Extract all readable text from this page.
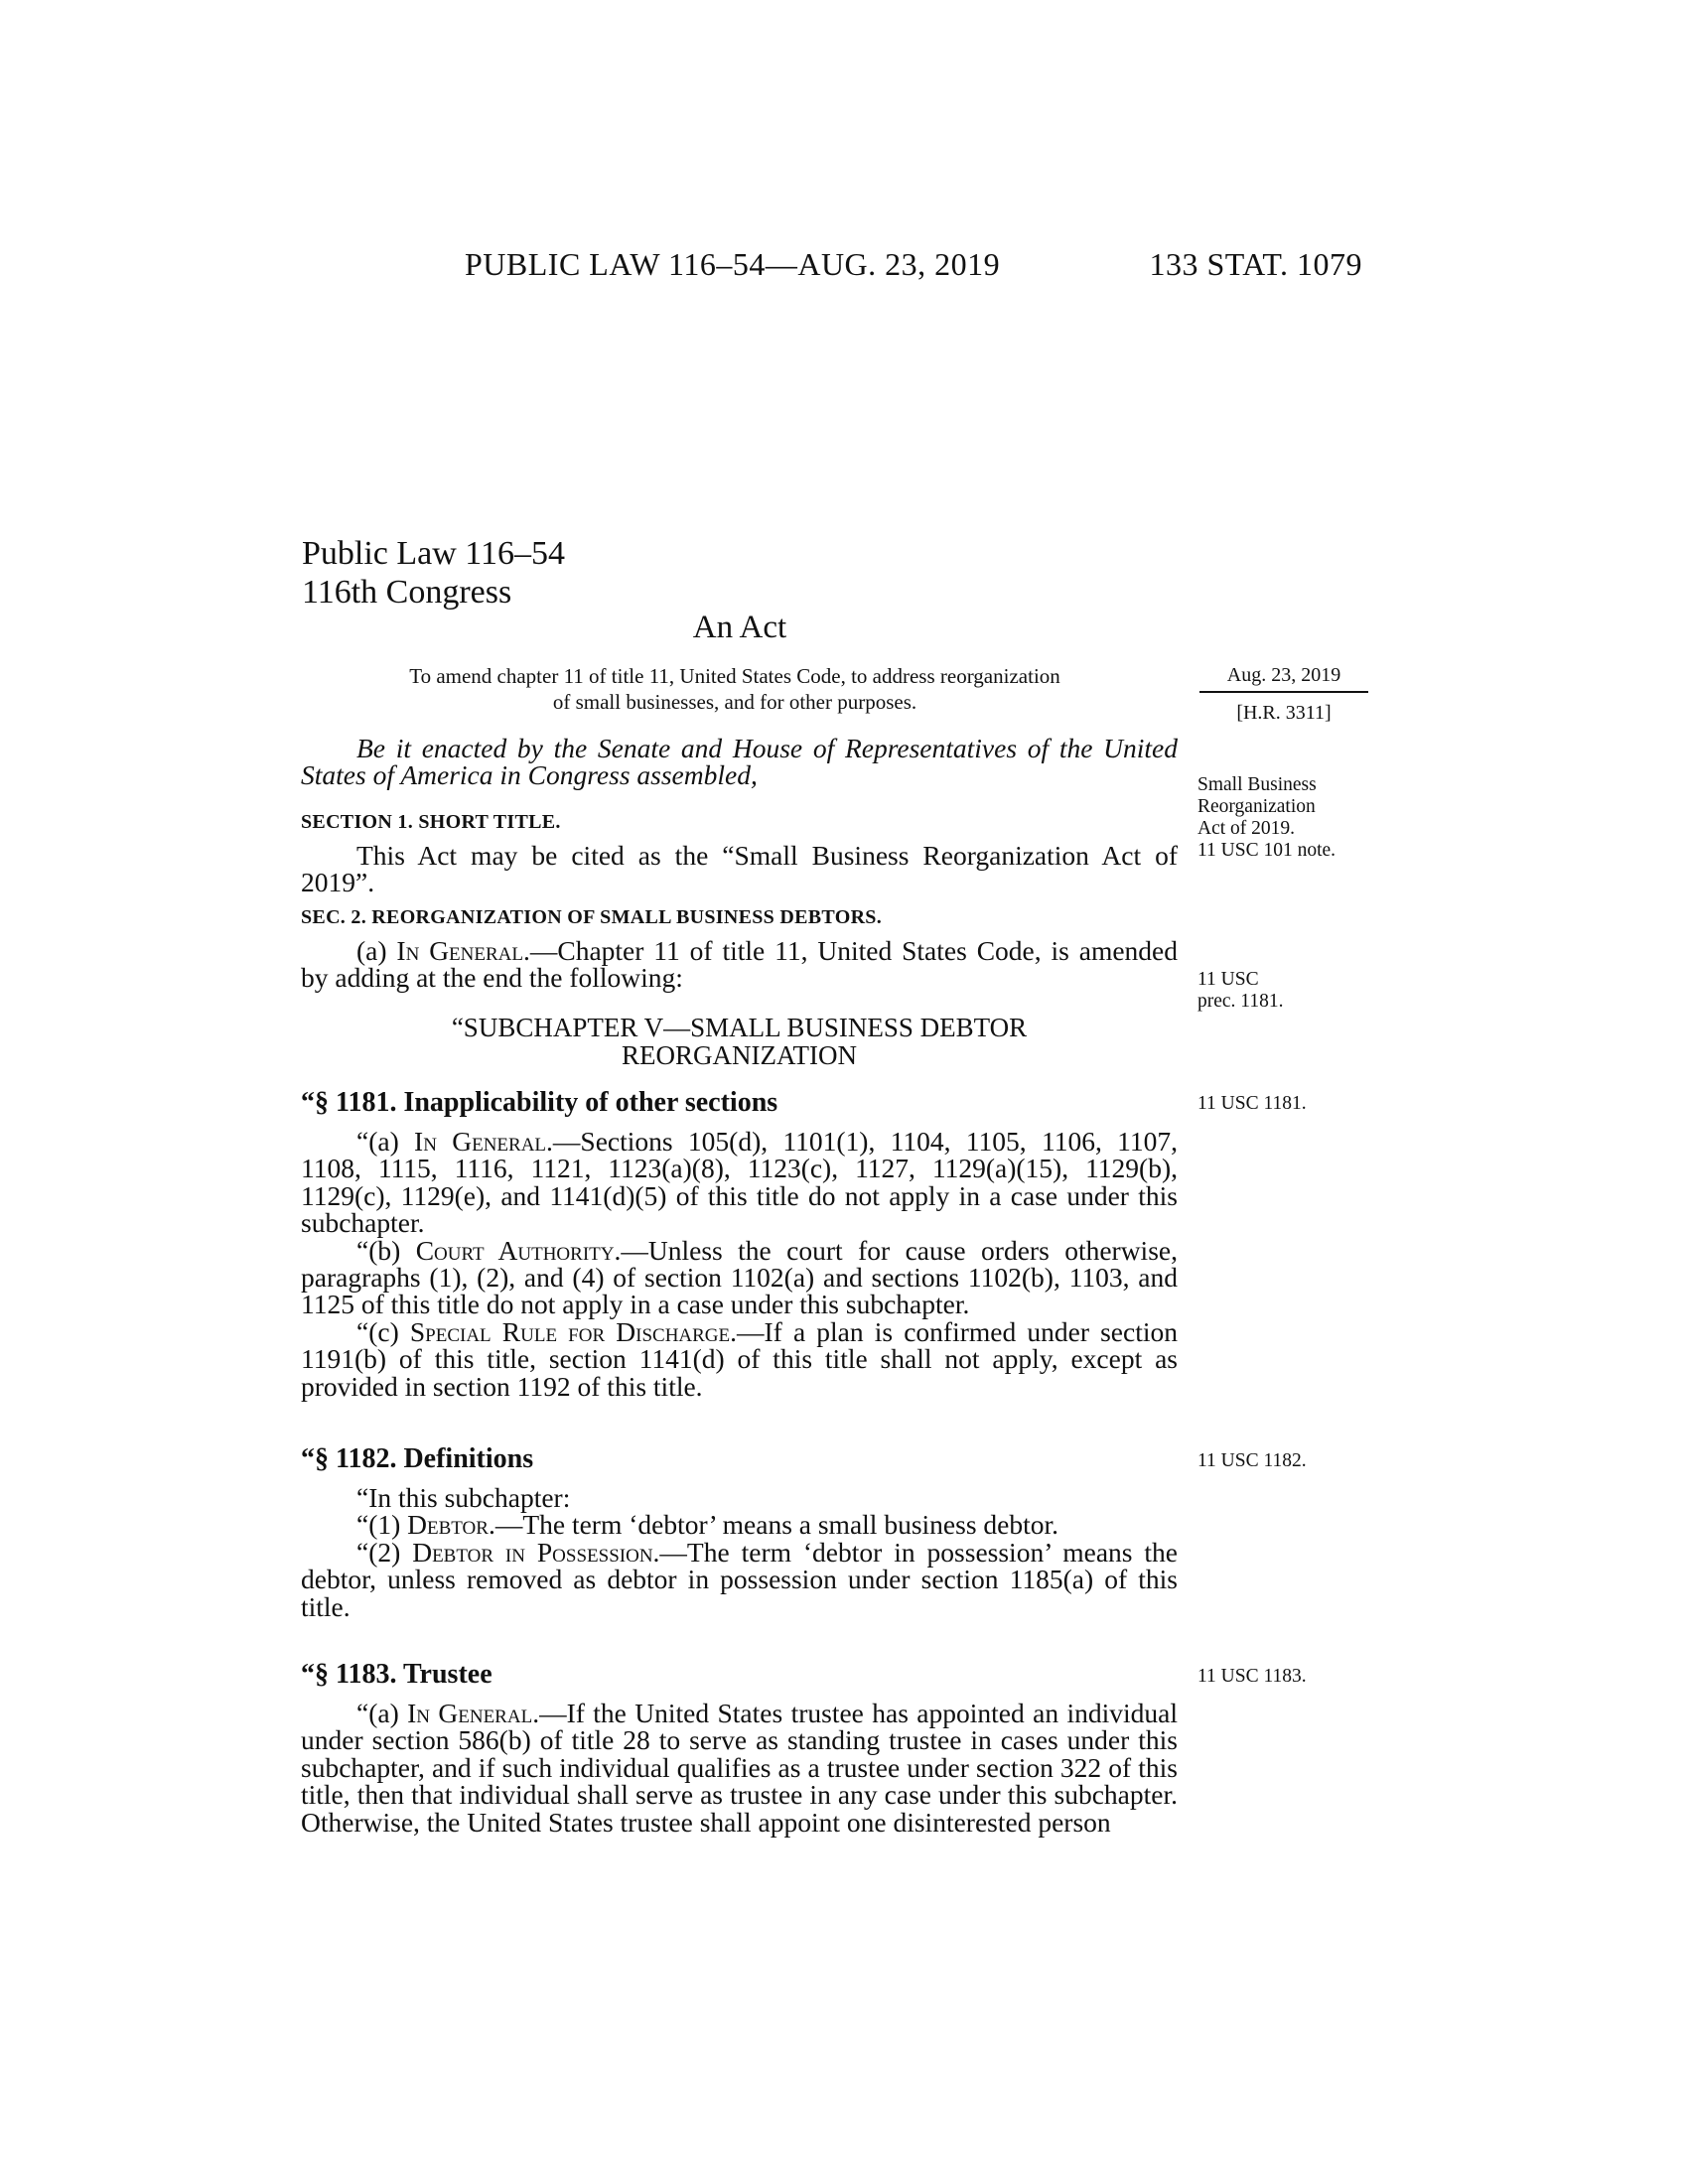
PUBLIC LAW 116–54—AUG. 23, 2019	133 STAT. 1079
Public Law 116–54
116th Congress
An Act
To amend chapter 11 of title 11, United States Code, to address reorganization
of small businesses, and for other purposes.
Aug. 23, 2019
[H.R. 3311]
Small Business
Reorganization
Act of 2019.
11 USC 101 note.
11 USC
prec. 1181.
11 USC 1181.
11 USC 1182.
11 USC 1183.

Be it enacted by the Senate and House of Representatives of the United States of America in Congress assembled,

SECTION 1. SHORT TITLE.

This Act may be cited as the “Small Business Reorganization Act of 2019”.

SEC. 2. REORGANIZATION OF SMALL BUSINESS DEBTORS.

(a) In General.—Chapter 11 of title 11, United States Code, is amended by adding at the end the following:

“SUBCHAPTER V—SMALL BUSINESS DEBTOR

REORGANIZATION

“§ 1181. Inapplicability of other sections

“(a) In General.—Sections 105(d), 1101(1), 1104, 1105, 1106, 1107, 1108, 1115, 1116, 1121, 1123(a)(8), 1123(c), 1127, 1129(a)(15), 1129(b), 1129(c), 1129(e), and 1141(d)(5) of this title do not apply in a case under this subchapter.

“(b) Court Authority.—Unless the court for cause orders otherwise, paragraphs (1), (2), and (4) of section 1102(a) and sections 1102(b), 1103, and 1125 of this title do not apply in a case under this subchapter.

“(c) Special Rule for Discharge.—If a plan is confirmed under section 1191(b) of this title, section 1141(d) of this title shall not apply, except as provided in section 1192 of this title.

“§ 1182. Definitions

“In this subchapter:

“(1) Debtor.—The term ‘debtor’ means a small business debtor.

“(2) Debtor in Possession.—The term ‘debtor in possession’ means the debtor, unless removed as debtor in possession under section 1185(a) of this title.

“§ 1183. Trustee

“(a) In General.—If the United States trustee has appointed an individual under section 586(b) of title 28 to serve as standing trustee in cases under this subchapter, and if such individual qualifies as a trustee under section 322 of this title, then that individual shall serve as trustee in any case under this subchapter. Otherwise, the United States trustee shall appoint one disinterested person
